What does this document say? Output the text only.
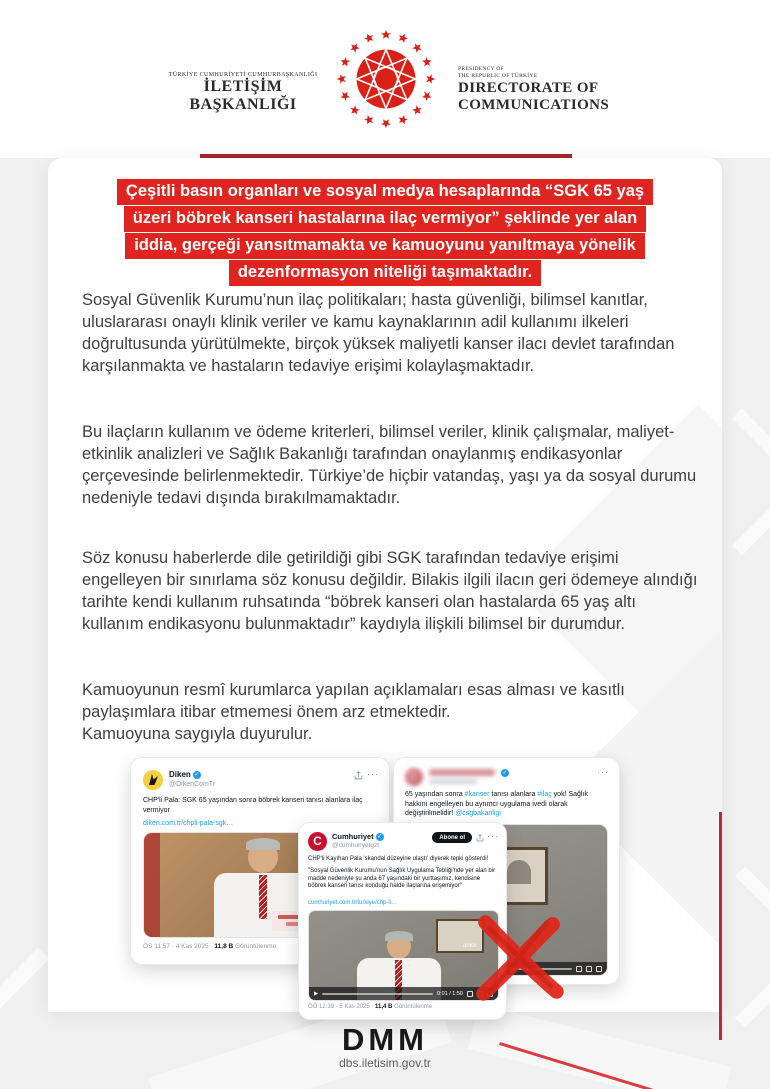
Çeşitli basın organları ve sosyal medya hesaplarında “SGK 65 yaş
üzeri böbrek kanseri hastalarına ilaç vermiyor” şeklinde yer alan
iddia, gerçeği yansıtmamakta ve kamuoyunu yanıltmaya yönelik
dezenformasyon niteliği taşımaktadır.
Sosyal Güvenlik Kurumu’nun ilaç politikaları; hasta güvenliği, bilimsel kanıtlar, uluslararası onaylı klinik veriler ve kamu kaynaklarının adil kullanımı ilkeleri doğrultusunda yürütülmekte, birçok yüksek maliyetli kanser ilacı devlet tarafından karşılanmakta ve hastaların tedaviye erişimi kolaylaşmaktadır.
Bu ilaçların kullanım ve ödeme kriterleri, bilimsel veriler, klinik çalışmalar, maliyet-etkinlik analizleri ve Sağlık Bakanlığı tarafından onaylanmış endikasyonlar çerçevesinde belirlenmektedir. Türkiye’de hiçbir vatandaş, yaşı ya da sosyal durumu nedeniyle tedavi dışında bırakılmamaktadır.
Söz konusu haberlerde dile getirildiği gibi SGK tarafından tedaviye erişimi engelleyen bir sınırlama söz konusu değildir. Bilakis ilgili ilacın geri ödemeye alındığı tarihte kendi kullanım ruhsatında “böbrek kanseri olan hastalarda 65 yaş altı kullanım endikasyonu bulunmaktadır” kaydıyla ilişkili bilimsel bir durumdur.
Kamuoyunun resmî kurumlarca yapılan açıklamaları esas alması ve kasıtlı paylaşımlara itibar etmemesi önem arz etmektedir.
Kamuoyuna saygıyla duyurulur.
TÜRKİYE CUMHURİYETİ CUMHURBAŞKANLIĞI
İLETİŞİM BAŞKANLIĞI
PRESIDENCY OF
THE REPUBLIC OF TÜRKİYE
DIRECTORATE OF
COMMUNICATIONS
Diken ✓
@DikenComTr
···
CHP'li Pala: SGK 65 yaşından sonra böbrek kanseri tanısı alanlara ilaç vermiyor
diken.com.tr/chpli-pala-sgk…
ÖS 11:57 · 4 Kas 2025 · 11,8 B Görüntülenme
✓	···
65 yaşından sonra #kanser tanısı alanlara #ilaç yok! Sağlık hakkını engelleyen bu ayrımcı uygulama ivedi olarak değiştirilmelidir! @csgbakanligi
C	Cumhuriyet ✓
@cumhuriyetgzt
Abone ol	···
CHP'li Kayıhan Pala 'skandal düzeyine ulaştı' diyerek tepki gösterdi!
"Sosyal Güvenlik Kurumu'nun Sağlık Uygulama Tebliği'nde yer alan bir madde nedeniyle şu anda 67 yaşındaki bir yurttaşımız, kendisine böbrek kanseri tanısı konduğu halde ilaçlarına erişemiyor"
cumhuriyet.com.tr/turkiye/chp-li…
anka
▶	0:01 / 1:50
ÖÖ 12:39 · 5 Kas 2025 · 11,4 B Görüntülenme
DMM
dbs.iletisim.gov.tr
